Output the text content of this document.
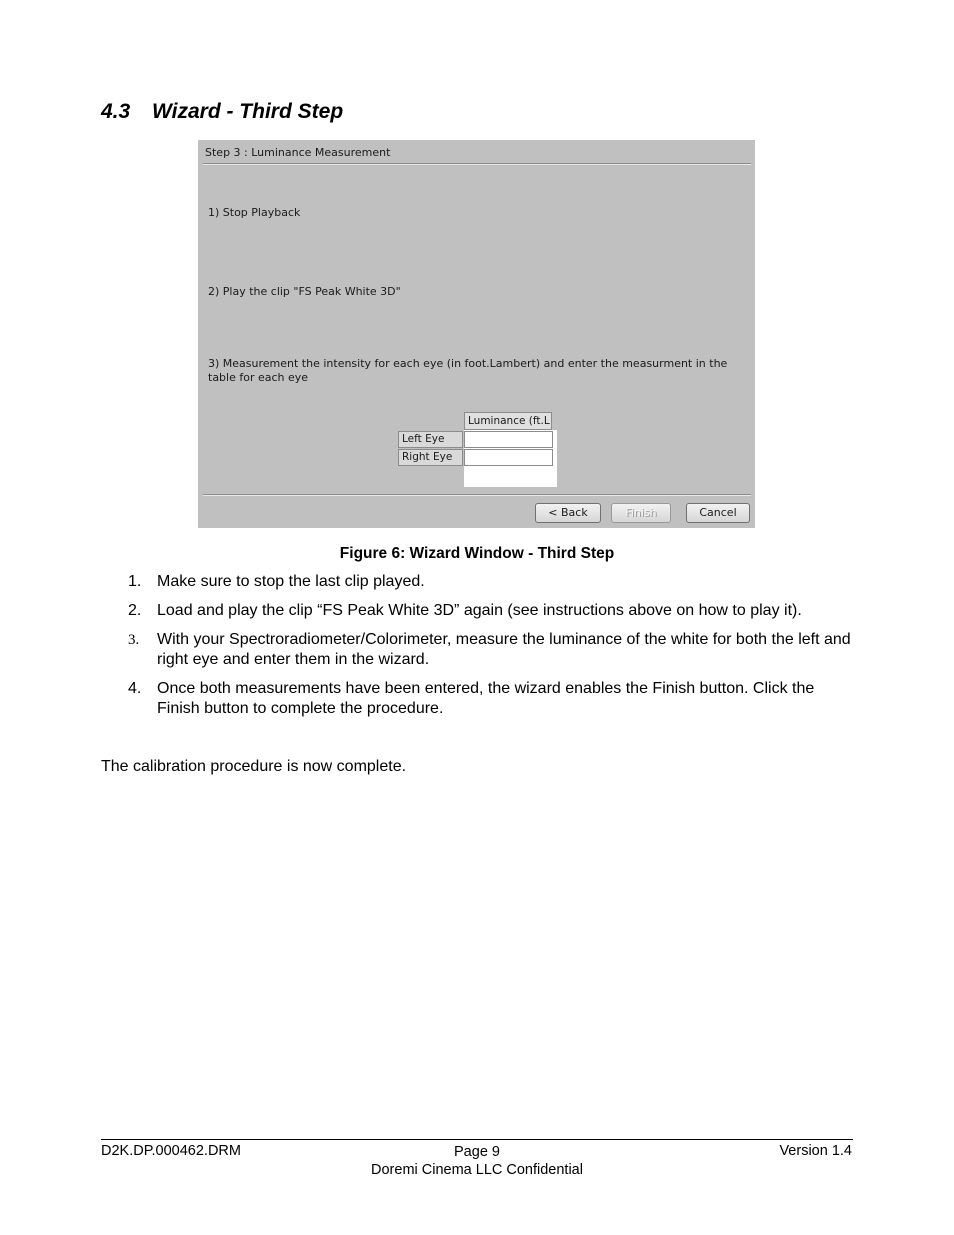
4.3 Wizard - Third Step
Step 3 : Luminance Measurement
1) Stop Playback
2) Play the clip "FS Peak White 3D"
3) Measurement the intensity for each eye (in foot.Lambert) and enter the measurment in the table for each eye
Luminance (ft.L
Left Eye
Right Eye
< Back	Finish	Cancel

Figure 6: Wizard Window - Third Step

1. Make sure to stop the last clip played.
2. Load and play the clip “FS Peak White 3D” again (see instructions above on how to play it).
3. With your Spectroradiometer/Colorimeter, measure the luminance of the white for both the left and right eye and enter them in the wizard.
4. Once both measurements have been entered, the wizard enables the Finish button. Click the Finish button to complete the procedure.

The calibration procedure is now complete.

D2K.DP.000462.DRM	Version 1.4
Page 9
Doremi Cinema LLC Confidential
